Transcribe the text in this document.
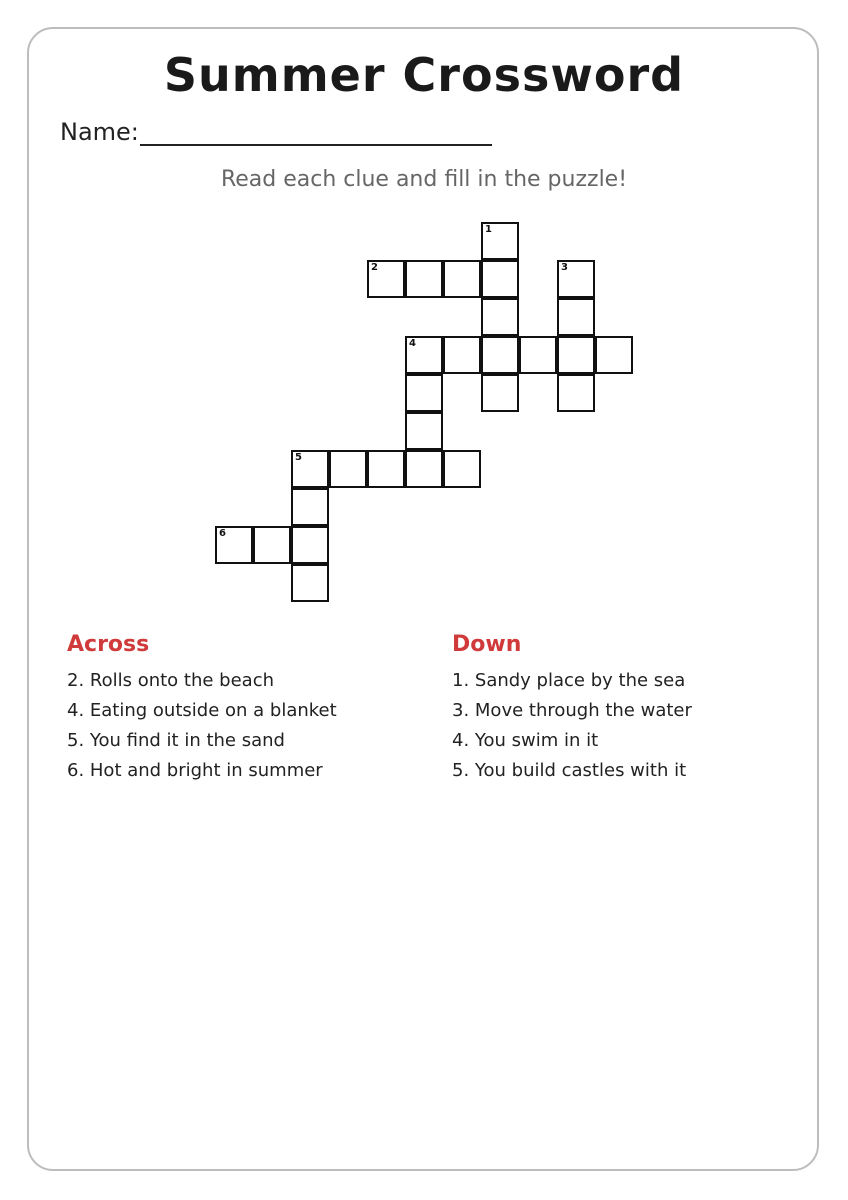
Summer Crossword
Name:
Read each clue and fill in the puzzle!
1
2	3
4
5
6
Across
2. Rolls onto the beach
4. Eating outside on a blanket
5. You find it in the sand
6. Hot and bright in summer
Down
1. Sandy place by the sea
3. Move through the water
4. You swim in it
5. You build castles with it
